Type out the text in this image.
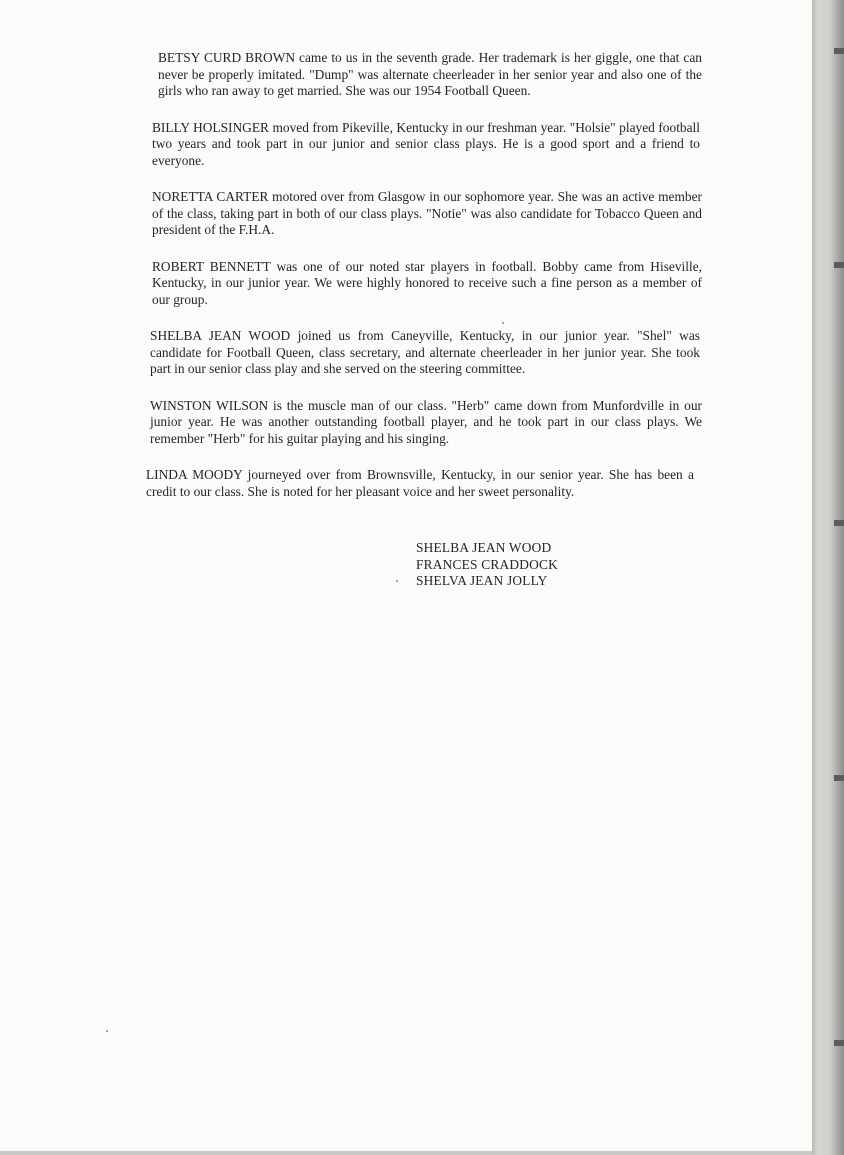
BETSY CURD BROWN came to us in the seventh grade. Her trademark is her giggle, one that can never be properly imitated. "Dump" was alternate cheerleader in her senior year and also one of the girls who ran away to get married. She was our 1954 Football Queen.

BILLY HOLSINGER moved from Pikeville, Kentucky in our freshman year. "Holsie" played football two years and took part in our junior and senior class plays. He is a good sport and a friend to everyone.

NORETTA CARTER motored over from Glasgow in our sophomore year. She was an active member of the class, taking part in both of our class plays. "Notie" was also candidate for Tobacco Queen and president of the F.H.A.

ROBERT BENNETT was one of our noted star players in football. Bobby came from Hiseville, Kentucky, in our junior year. We were highly honored to receive such a fine person as a member of our group.

SHELBA JEAN WOOD joined us from Caneyville, Kentucky, in our junior year. "Shel" was candidate for Football Queen, class secretary, and alternate cheerleader in her junior year. She took part in our senior class play and she served on the steering committee.

WINSTON WILSON is the muscle man of our class. "Herb" came down from Munfordville in our junior year. He was another outstanding football player, and he took part in our class plays. We remember "Herb" for his guitar playing and his singing.

LINDA MOODY journeyed over from Brownsville, Kentucky, in our senior year. She has been a credit to our class. She is noted for her pleasant voice and her sweet personality.

SHELBA JEAN WOOD
FRANCES CRADDOCK
SHELVA JEAN JOLLY
